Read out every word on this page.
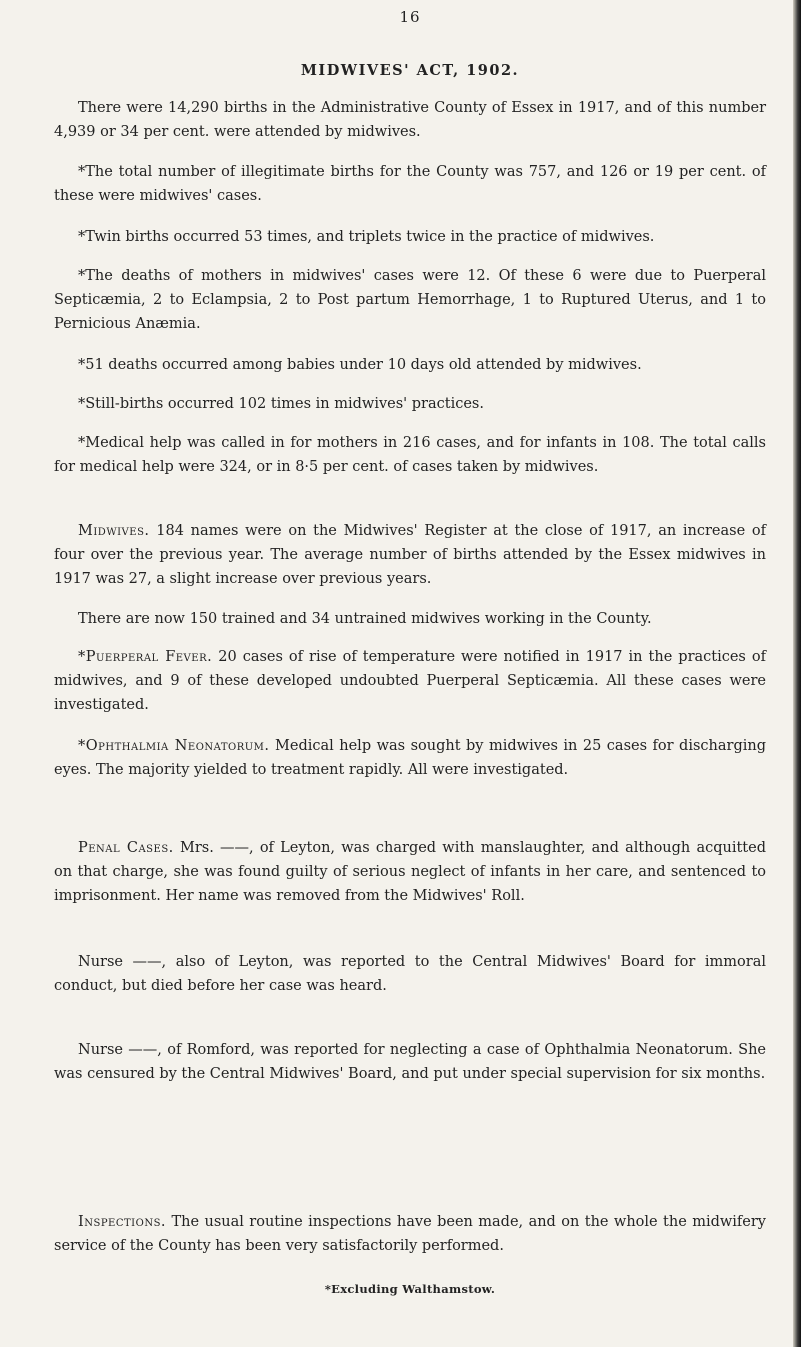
16
MIDWIVES' ACT, 1902.

There were 14,290 births in the Administrative County of Essex in 1917, and of this number 4,939 or 34 per cent. were attended by midwives.

*The total number of illegitimate births for the County was 757, and 126 or 19 per cent. of these were midwives' cases.

*Twin births occurred 53 times, and triplets twice in the practice of midwives.

*The deaths of mothers in midwives' cases were 12. Of these 6 were due to Puerperal Septicæmia, 2 to Eclampsia, 2 to Post partum Hemorrhage, 1 to Ruptured Uterus, and 1 to Pernicious Anæmia.

*51 deaths occurred among babies under 10 days old attended by midwives.

*Still-births occurred 102 times in midwives' practices.

*Medical help was called in for mothers in 216 cases, and for infants in 108. The total calls for medical help were 324, or in 8·5 per cent. of cases taken by midwives.

Midwives. 184 names were on the Midwives' Register at the close of 1917, an increase of four over the previous year. The average number of births attended by the Essex midwives in 1917 was 27, a slight increase over previous years.

There are now 150 trained and 34 untrained midwives working in the County.

*Puerperal Fever. 20 cases of rise of temperature were notified in 1917 in the practices of midwives, and 9 of these developed undoubted Puerperal Septicæmia. All these cases were investigated.

*Ophthalmia Neonatorum. Medical help was sought by midwives in 25 cases for discharging eyes. The majority yielded to treatment rapidly. All were investigated.

Penal Cases. Mrs. ——, of Leyton, was charged with manslaughter, and although acquitted on that charge, she was found guilty of serious neglect of infants in her care, and sentenced to imprisonment. Her name was removed from the Midwives' Roll.

Nurse ——, also of Leyton, was reported to the Central Midwives' Board for immoral conduct, but died before her case was heard.

Nurse ——, of Romford, was reported for neglecting a case of Ophthalmia Neonatorum. She was censured by the Central Midwives' Board, and put under special supervision for six months.

Inspections. The usual routine inspections have been made, and on the whole the midwifery service of the County has been very satisfactorily performed.

*Excluding Walthamstow.
